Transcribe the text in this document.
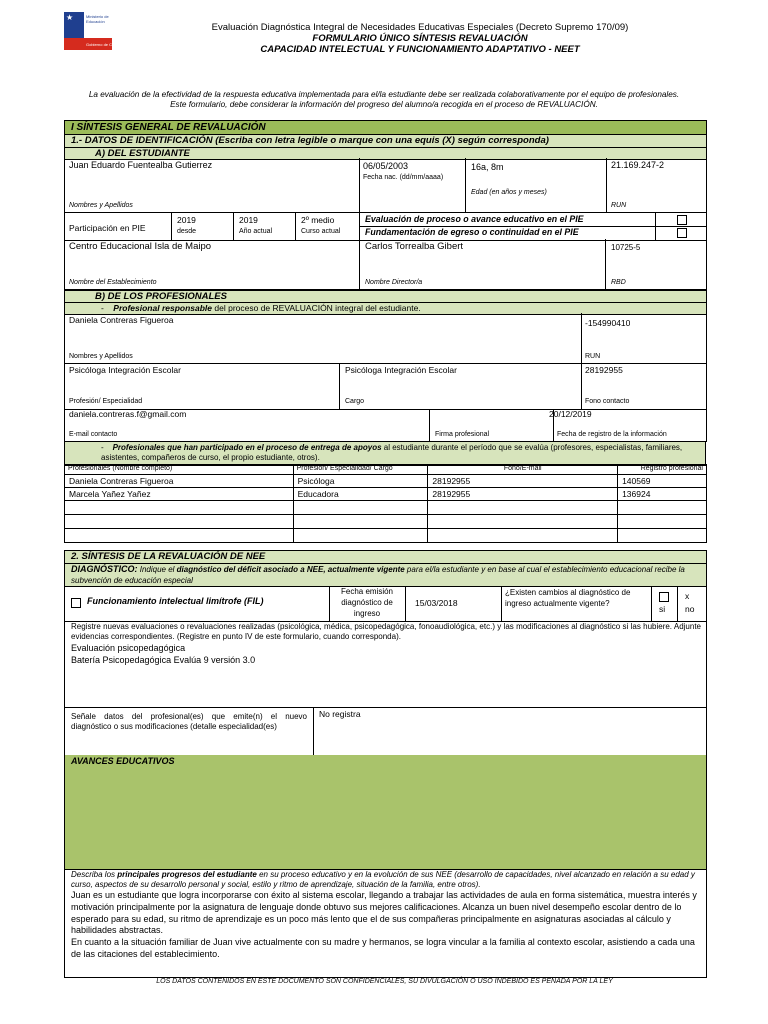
★	Ministerio de
Educación
Gobierno de Chile
Evaluación Diagnóstica Integral de Necesidades Educativas Especiales (Decreto Supremo 170/09)
FORMULARIO ÚNICO SÍNTESIS REVALUACIÓN
CAPACIDAD INTELECTUAL Y FUNCIONAMIENTO ADAPTATIVO - NEET
La evaluación de la efectividad de la respuesta educativa implementada para el/la estudiante debe ser realizada colaborativamente por el equipo de profesionales.
Este formulario, debe considerar la información del progreso del alumno/a recogida en el proceso de REVALUACIÓN.
I SÍNTESIS GENERAL DE REVALUACIÓN
1.- DATOS DE IDENTIFICACIÓN (Escriba con letra legible o marque con una equis (X) según corresponda)
A) DEL ESTUDIANTE
Juan Eduardo Fuentealba Gutierrez
Nombres y Apellidos
06/05/2003
Fecha nac. (dd/mm/aaaa)
16a, 8m
Edad (en años y meses)
21.169.247-2
RUN
Participación en PIE
2019
desde
2019
Año actual
2º medio
Curso actual
Evaluación de proceso o avance educativo en el PIE
Fundamentación de egreso o continuidad en el PIE
Centro Educacional Isla de Maipo
Nombre del Establecimiento
Carlos Torrealba Gibert
Nombre Director/a
10725-5
RBD
B) DE LOS PROFESIONALES
- Profesional responsable del proceso de REVALUACIÓN integral del estudiante.
Daniela Contreras Figueroa
Nombres y Apellidos
-154990410
RUN
Psicóloga Integración Escolar
Profesión/ Especialidad
Psicóloga Integración Escolar
Cargo
28192955
Fono contacto
daniela.contreras.f@gmail.com
E-mail contacto	Firma profesional
20/12/2019
Fecha de registro de la información
- Profesionales que han participado en el proceso de entrega de apoyos al estudiante durante el período que se evalúa (profesores, especialistas, familiares, asistentes, compañeros de curso, el propio estudiante, otros).
Profesionales (Nombre completo)	Profesión/ Especialidad/ Cargo	Fono/E-mail	Registro profesional
Daniela Contreras Figueroa	Psicóloga	28192955	140569
Marcela Yañez Yañez	Educadora	28192955	136924

2. SÍNTESIS DE LA REVALUACIÓN DE NEE
DIAGNÓSTICO: Indique el diagnóstico del déficit asociado a NEE, actualmente vigente para el/la estudiante y en base al cual el establecimiento educacional recibe la subvención de educación especial
Funcionamiento intelectual limítrofe (FIL)
Fecha emisión diagnóstico de ingreso
15/03/2018
¿Existen cambios al diagnóstico de ingreso actualmente vigente?
si
x
no
Registre nuevas evaluaciones o revaluaciones realizadas (psicológica, médica, psicopedagógica, fonoaudiológica, etc.) y las modificaciones al diagnóstico si las hubiere. Adjunte evidencias correspondientes. (Registre en punto IV de este formulario, cuando corresponda).
Evaluación psicopedagógica
Batería Psicopedagógica Evalúa 9 versión 3.0
Señale datos del profesional(es) que emite(n) el nuevo diagnóstico o sus modificaciones (detalle especialidad(es)
No registra
AVANCES EDUCATIVOS
Describa los principales progresos del estudiante en su proceso educativo y en la evolución de sus NEE (desarrollo de capacidades, nivel alcanzado en relación a su edad y curso, aspectos de su desarrollo personal y social, estilo y ritmo de aprendizaje, situación de la familia, entre otros).
Juan es un estudiante que logra incorporarse con éxito al sistema escolar, llegando a trabajar las actividades de aula en forma sistemática, muestra interés y motivación principalmente por la asignatura de lenguaje donde obtuvo sus mejores calificaciones. Alcanza un buen nivel desempeño escolar dentro de lo esperado para su edad, su ritmo de aprendizaje es un poco más lento que el de sus compañeras principalmente en asignaturas asociadas al cálculo y habilidades abstractas.
En cuanto a la situación familiar de Juan vive actualmente con su madre y hermanos, se logra vincular a la familia al contexto escolar, asistiendo a cada una de las citaciones del establecimiento.
LOS DATOS CONTENIDOS EN ESTE DOCUMENTO SON CONFIDENCIALES, SU DIVULGACIÓN O USO INDEBIDO ES PENADA POR LA LEY
